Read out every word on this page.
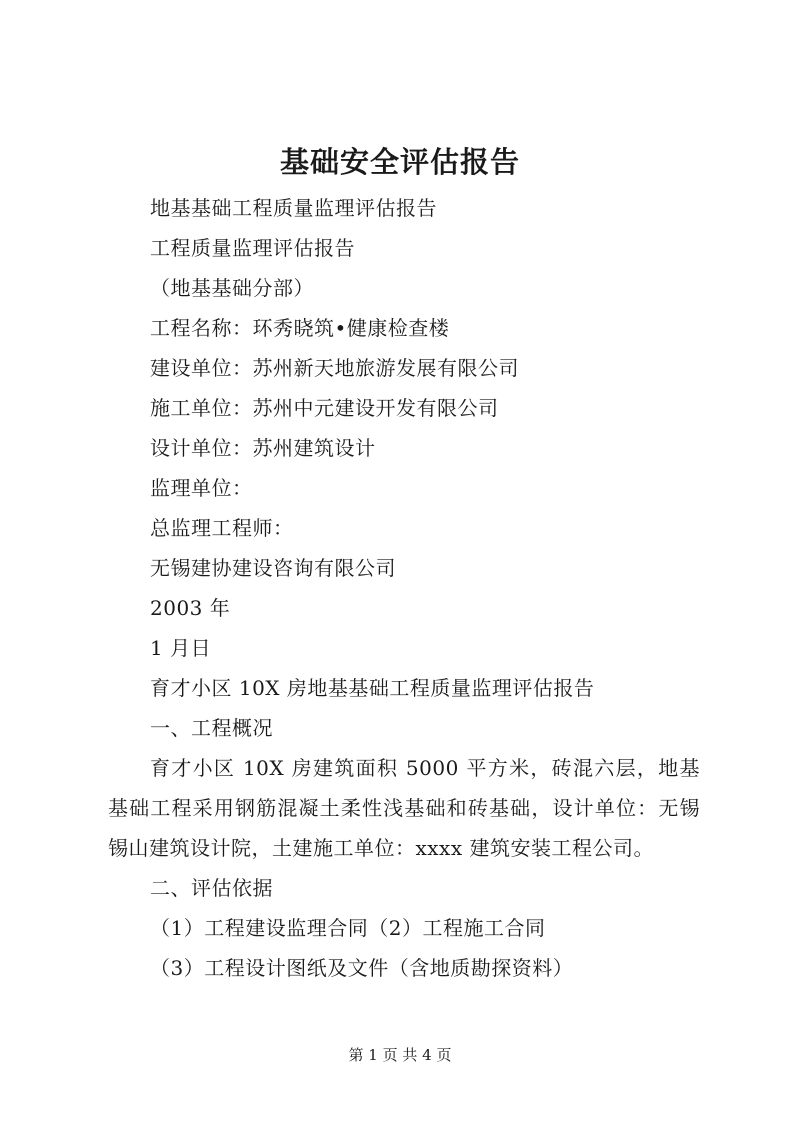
基础安全评估报告
地基基础工程质量监理评估报告
工程质量监理评估报告
（地基基础分部）
工程名称：环秀晓筑•健康检查楼
建设单位：苏州新天地旅游发展有限公司
施工单位：苏州中元建设开发有限公司
设计单位：苏州建筑设计
监理单位：
总监理工程师：
无锡建协建设咨询有限公司
2003 年
1 月日
育才小区 10X 房地基基础工程质量监理评估报告
一、工程概况

育才小区 10X 房建筑面积 5000 平方米，砖混六层，地基基础工程采用钢筋混凝土柔性浅基础和砖基础，设计单位：无锡锡山建筑设计院，土建施工单位：xxxx 建筑安装工程公司。

二、评估依据
（1）工程建设监理合同（2）工程施工合同
（3）工程设计图纸及文件（含地质勘探资料）
第 1 页 共 4 页
